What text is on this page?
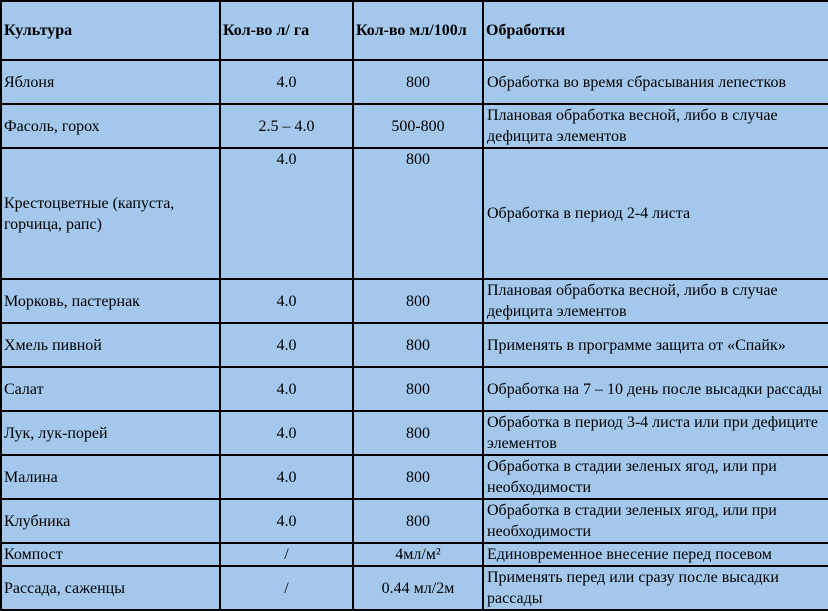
Культура	Кол-во л/ га	Кол-во мл/100л	Обработки
Яблоня	4.0	800	Обработка во время сбрасывания лепестков
Фасоль, горох	2.5 – 4.0	500-800	Плановая обработка весной, либо в случае дефицита элементов
Крестоцветные (капуста, горчица, рапс)	4.0	800	Обработка в период 2-4 листа
Морковь, пастернак	4.0	800	Плановая обработка весной, либо в случае дефицита элементов
Хмель пивной	4.0	800	Применять в программе защита от «Спайк»
Салат	4.0	800	Обработка на 7 – 10 день после высадки рассады
Лук, лук-порей	4.0	800	Обработка в период 3-4 листа или при дефиците элементов
Малина	4.0	800	Обработка в стадии зеленых ягод, или при необходимости
Клубника	4.0	800	Обработка в стадии зеленых ягод, или при необходимости
Компост	/	4мл/м²	Единовременное внесение перед посевом
Рассада, саженцы	/	0.44 мл/2м	Применять перед или сразу после высадки рассады
